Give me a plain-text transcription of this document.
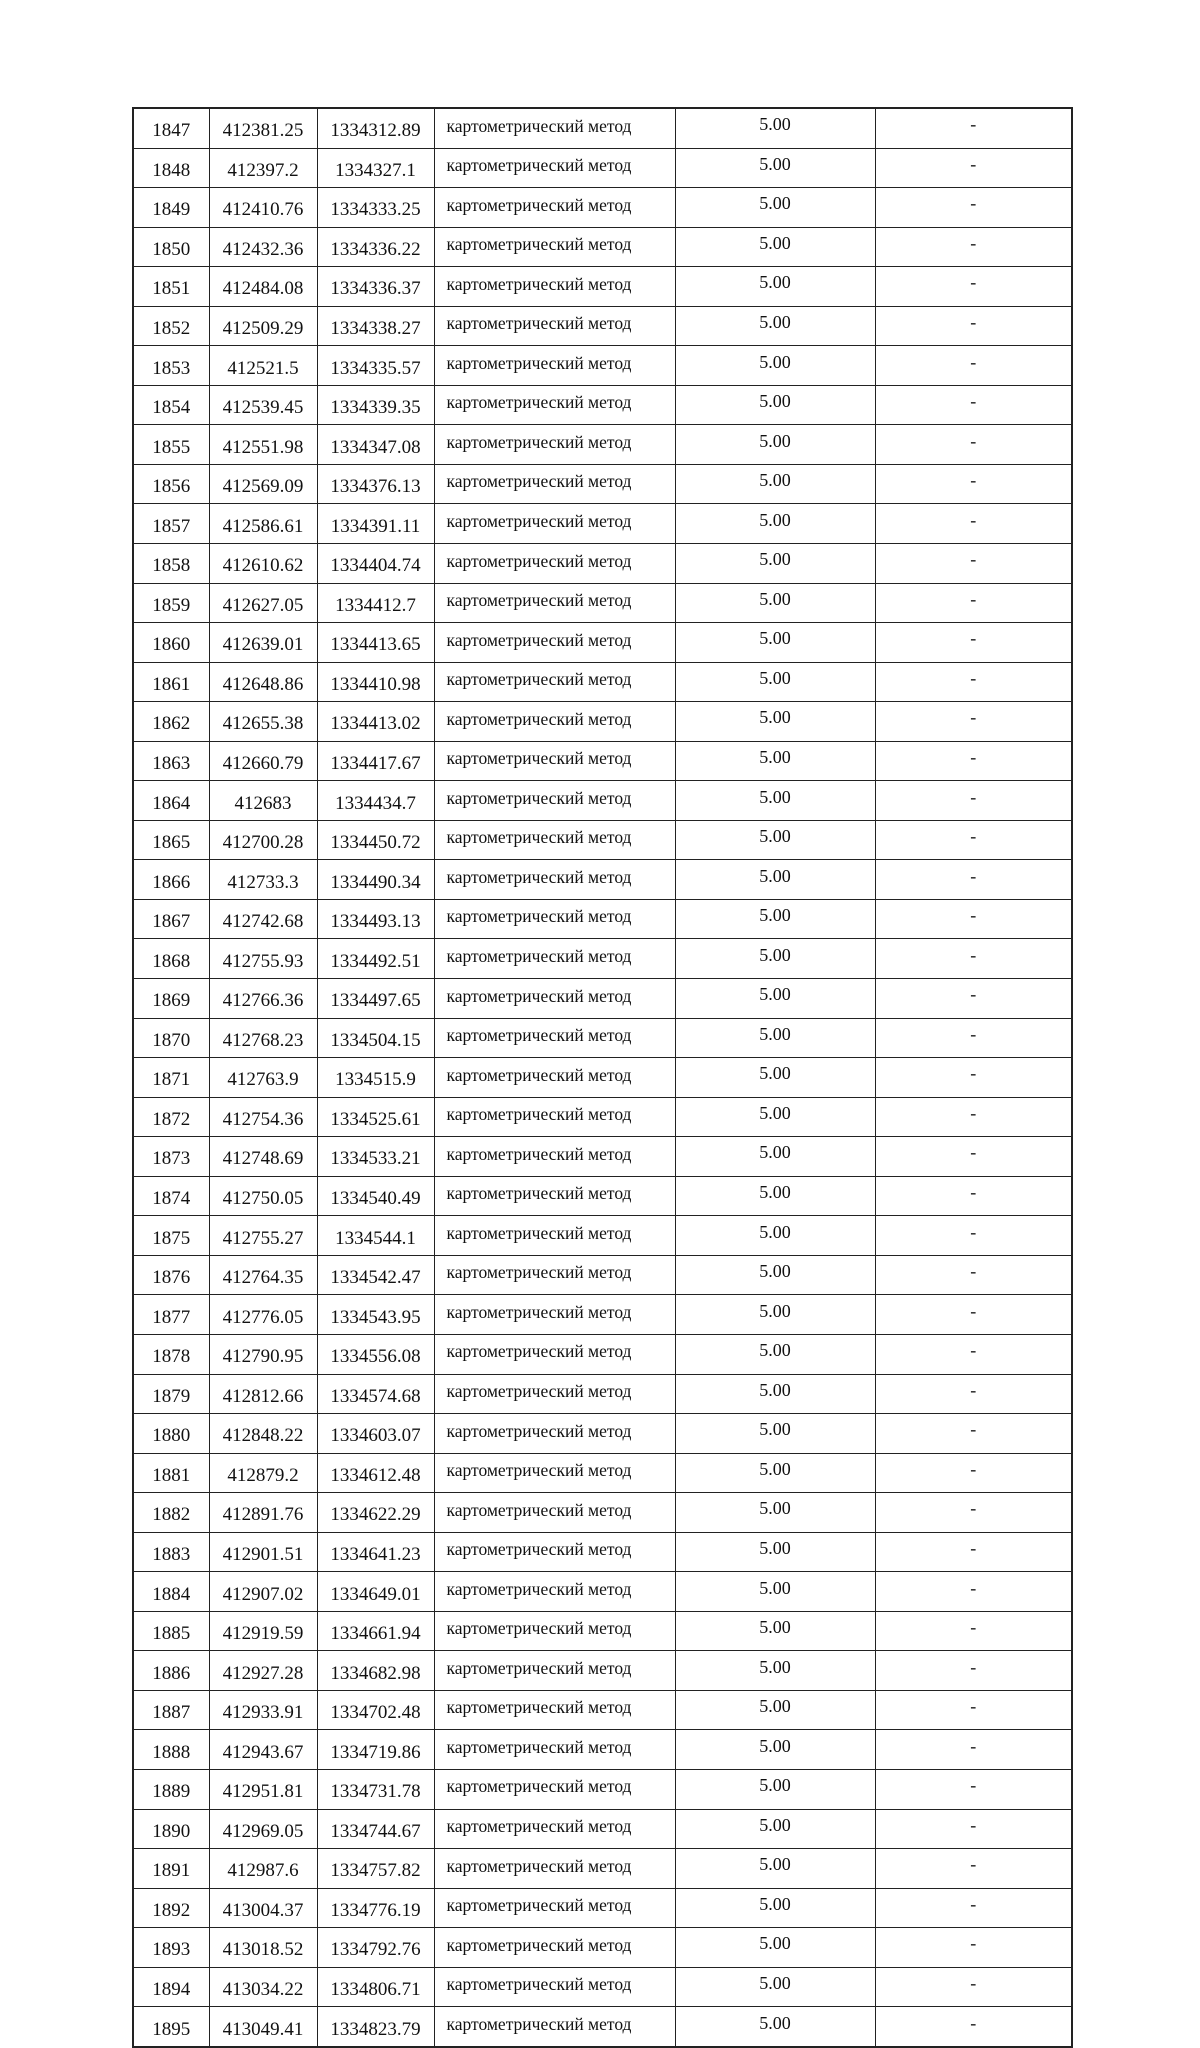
1847	412381.25	1334312.89	картометрический метод	5.00	-
1848	412397.2	1334327.1	картометрический метод	5.00	-
1849	412410.76	1334333.25	картометрический метод	5.00	-
1850	412432.36	1334336.22	картометрический метод	5.00	-
1851	412484.08	1334336.37	картометрический метод	5.00	-
1852	412509.29	1334338.27	картометрический метод	5.00	-
1853	412521.5	1334335.57	картометрический метод	5.00	-
1854	412539.45	1334339.35	картометрический метод	5.00	-
1855	412551.98	1334347.08	картометрический метод	5.00	-
1856	412569.09	1334376.13	картометрический метод	5.00	-
1857	412586.61	1334391.11	картометрический метод	5.00	-
1858	412610.62	1334404.74	картометрический метод	5.00	-
1859	412627.05	1334412.7	картометрический метод	5.00	-
1860	412639.01	1334413.65	картометрический метод	5.00	-
1861	412648.86	1334410.98	картометрический метод	5.00	-
1862	412655.38	1334413.02	картометрический метод	5.00	-
1863	412660.79	1334417.67	картометрический метод	5.00	-
1864	412683	1334434.7	картометрический метод	5.00	-
1865	412700.28	1334450.72	картометрический метод	5.00	-
1866	412733.3	1334490.34	картометрический метод	5.00	-
1867	412742.68	1334493.13	картометрический метод	5.00	-
1868	412755.93	1334492.51	картометрический метод	5.00	-
1869	412766.36	1334497.65	картометрический метод	5.00	-
1870	412768.23	1334504.15	картометрический метод	5.00	-
1871	412763.9	1334515.9	картометрический метод	5.00	-
1872	412754.36	1334525.61	картометрический метод	5.00	-
1873	412748.69	1334533.21	картометрический метод	5.00	-
1874	412750.05	1334540.49	картометрический метод	5.00	-
1875	412755.27	1334544.1	картометрический метод	5.00	-
1876	412764.35	1334542.47	картометрический метод	5.00	-
1877	412776.05	1334543.95	картометрический метод	5.00	-
1878	412790.95	1334556.08	картометрический метод	5.00	-
1879	412812.66	1334574.68	картометрический метод	5.00	-
1880	412848.22	1334603.07	картометрический метод	5.00	-
1881	412879.2	1334612.48	картометрический метод	5.00	-
1882	412891.76	1334622.29	картометрический метод	5.00	-
1883	412901.51	1334641.23	картометрический метод	5.00	-
1884	412907.02	1334649.01	картометрический метод	5.00	-
1885	412919.59	1334661.94	картометрический метод	5.00	-
1886	412927.28	1334682.98	картометрический метод	5.00	-
1887	412933.91	1334702.48	картометрический метод	5.00	-
1888	412943.67	1334719.86	картометрический метод	5.00	-
1889	412951.81	1334731.78	картометрический метод	5.00	-
1890	412969.05	1334744.67	картометрический метод	5.00	-
1891	412987.6	1334757.82	картометрический метод	5.00	-
1892	413004.37	1334776.19	картометрический метод	5.00	-
1893	413018.52	1334792.76	картометрический метод	5.00	-
1894	413034.22	1334806.71	картометрический метод	5.00	-
1895	413049.41	1334823.79	картометрический метод	5.00	-
